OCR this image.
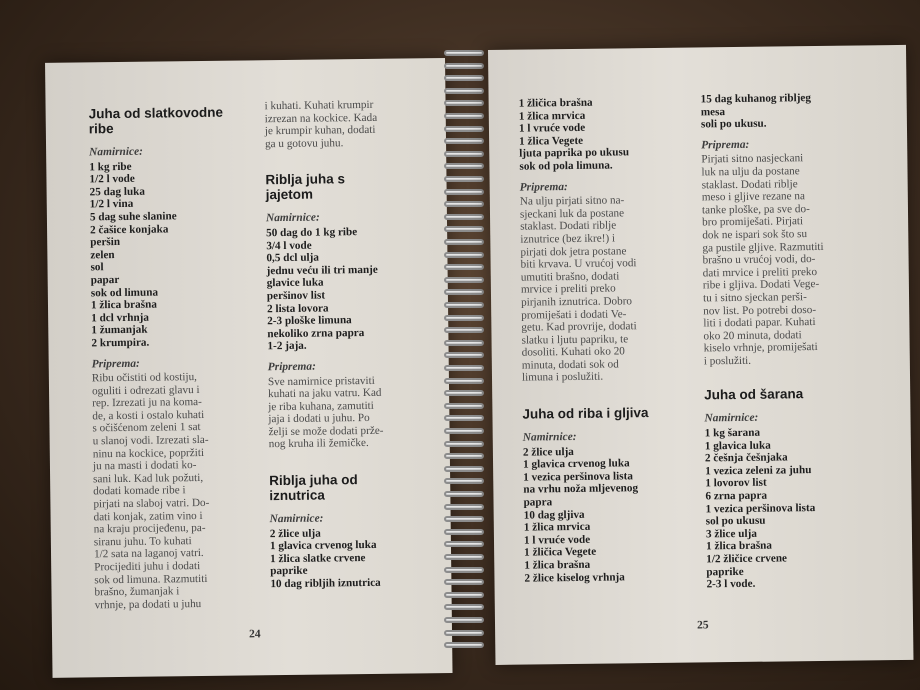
Juha od slatkovodne ribe
Namirnice:
1 kg ribe
1/2 l vode
25 dag luka
1/2 l vina
5 dag suhe slanine
2 čašice konjaka
peršin
zelen
sol
papar
sok od limuna
1 žlica brašna
1 dcl vrhnja
1 žumanjak
2 krumpira.
Priprema:
Ribu očistiti od kostiju,
oguliti i odrezati glavu i
rep. Izrezati ju na koma-
de, a kosti i ostalo kuhati
s očišćenom zeleni 1 sat
u slanoj vodi. Izrezati sla-
ninu na kockice, popržiti
ju na masti i dodati ko-
sani luk. Kad luk požuti,
dodati komade ribe i
pirjati na slaboj vatri. Do-
dati konjak, zatim vino i
na kraju procijeđenu, pa-
siranu juhu. To kuhati
1/2 sata na laganoj vatri.
Procijediti juhu i dodati
sok od limuna. Razmutiti
brašno, žumanjak i
vrhnje, pa dodati u juhu
i kuhati. Kuhati krumpir
izrezan na kockice. Kada
je krumpir kuhan, dodati
ga u gotovu juhu.
Riblja juha s jajetom
Namirnice:
50 dag do 1 kg ribe
3/4 l vode
0,5 dcl ulja
jednu veću ili tri manje
glavice luka
peršinov list
2 lista lovora
2-3 ploške limuna
nekoliko zrna papra
1-2 jaja.
Priprema:
Sve namirnice pristaviti
kuhati na jaku vatru. Kad
je riba kuhana, zamutiti
jaja i dodati u juhu. Po
želji se može dodati prže-
nog kruha ili žemičke.
Riblja juha od iznutrica
Namirnice:
2 žlice ulja
1 glavica crvenog luka
1 žlica slatke crvene
paprike
10 dag ribljih iznutrica
24
1 žličica brašna
1 žlica mrvica
1 l vruće vode
1 žlica Vegete
ljuta paprika po ukusu
sok od pola limuna.
Priprema:
Na ulju pirjati sitno na-
sjeckani luk da postane
staklast. Dodati riblje
iznutrice (bez ikre!) i
pirjati dok jetra postane
biti krvava. U vrućoj vodi
umutiti brašno, dodati
mrvice i preliti preko
pirjanih iznutrica. Dobro
promiješati i dodati Ve-
getu. Kad provrije, dodati
slatku i ljutu papriku, te
dosoliti. Kuhati oko 20
minuta, dodati sok od
limuna i poslužiti.
Juha od riba i gljiva
Namirnice:
2 žlice ulja
1 glavica crvenog luka
1 vezica peršinova lista
na vrhu noža mljevenog
papra
10 dag gljiva
1 žlica mrvica
1 l vruće vode
1 žličica Vegete
1 žlica brašna
2 žlice kiselog vrhnja
15 dag kuhanog ribljeg
mesa
soli po ukusu.
Priprema:
Pirjati sitno nasjeckani
luk na ulju da postane
staklast. Dodati riblje
meso i gljive rezane na
tanke ploške, pa sve do-
bro promiješati. Pirjati
dok ne ispari sok što su
ga pustile gljive. Razmutiti
brašno u vrućoj vodi, do-
dati mrvice i preliti preko
ribe i gljiva. Dodati Vege-
tu i sitno sjeckan perši-
nov list. Po potrebi doso-
liti i dodati papar. Kuhati
oko 20 minuta, dodati
kiselo vrhnje, promiješati
i poslužiti.
Juha od šarana
Namirnice:
1 kg šarana
1 glavica luka
2 češnja češnjaka
1 vezica zeleni za juhu
1 lovorov list
6 zrna papra
1 vezica peršinova lista
sol po ukusu
3 žlice ulja
1 žlica brašna
1/2 žličice crvene
paprike
2-3 l vode.
25
